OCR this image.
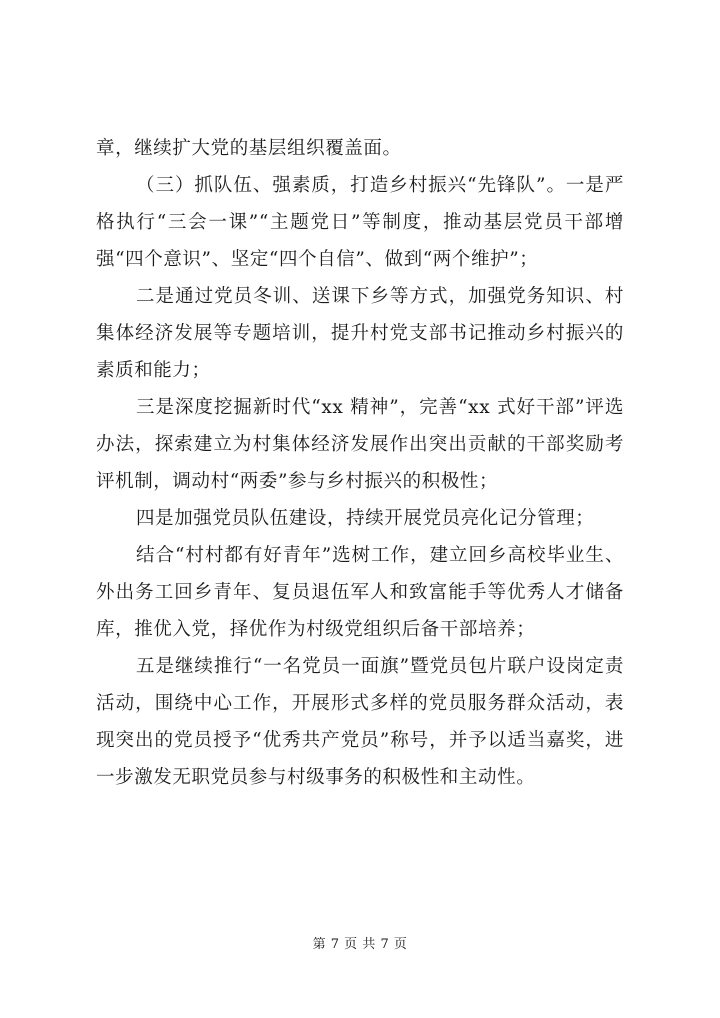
章，继续扩大党的基层组织覆盖面。

（三）抓队伍、强素质，打造乡村振兴“先锋队”。一是严格执行“三会一课”“主题党日”等制度，推动基层党员干部增强“四个意识”、坚定“四个自信”、做到“两个维护”；

二是通过党员冬训、送课下乡等方式，加强党务知识、村集体经济发展等专题培训，提升村党支部书记推动乡村振兴的素质和能力；

三是深度挖掘新时代“xx 精神”，完善“xx 式好干部”评选办法，探索建立为村集体经济发展作出突出贡献的干部奖励考评机制，调动村“两委”参与乡村振兴的积极性；

四是加强党员队伍建设，持续开展党员亮化记分管理；

结合“村村都有好青年”选树工作，建立回乡高校毕业生、外出务工回乡青年、复员退伍军人和致富能手等优秀人才储备库，推优入党，择优作为村级党组织后备干部培养；

五是继续推行“一名党员一面旗”暨党员包片联户设岗定责活动，围绕中心工作，开展形式多样的党员服务群众活动，表现突出的党员授予“优秀共产党员”称号，并予以适当嘉奖，进一步激发无职党员参与村级事务的积极性和主动性。

第 7 页 共 7 页
